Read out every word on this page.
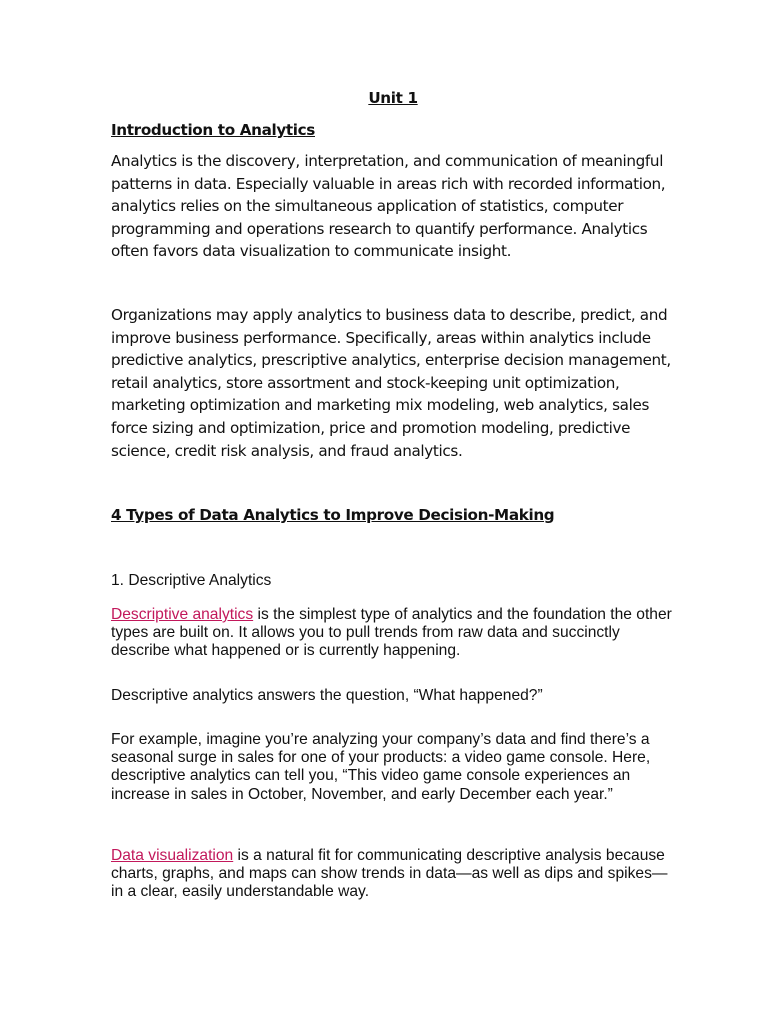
Unit 1

Introduction to Analytics

Analytics is the discovery, interpretation, and communication of meaningful patterns in data. Especially valuable in areas rich with recorded information, analytics relies on the simultaneous application of statistics, computer programming and operations research to quantify performance. Analytics often favors data visualization to communicate insight.

Organizations may apply analytics to business data to describe, predict, and improve business performance. Specifically, areas within analytics include predictive analytics, prescriptive analytics, enterprise decision management, retail analytics, store assortment and stock-keeping unit optimization, marketing optimization and marketing mix modeling, web analytics, sales force sizing and optimization, price and promotion modeling, predictive science, credit risk analysis, and fraud analytics.

4 Types of Data Analytics to Improve Decision-Making

1. Descriptive Analytics

Descriptive analytics is the simplest type of analytics and the foundation the other types are built on. It allows you to pull trends from raw data and succinctly describe what happened or is currently happening.

Descriptive analytics answers the question, “What happened?”

For example, imagine you’re analyzing your company’s data and find there’s a seasonal surge in sales for one of your products: a video game console. Here, descriptive analytics can tell you, “This video game console experiences an increase in sales in October, November, and early December each year.”

Data visualization is a natural fit for communicating descriptive analysis because charts, graphs, and maps can show trends in data—as well as dips and spikes—in a clear, easily understandable way.
